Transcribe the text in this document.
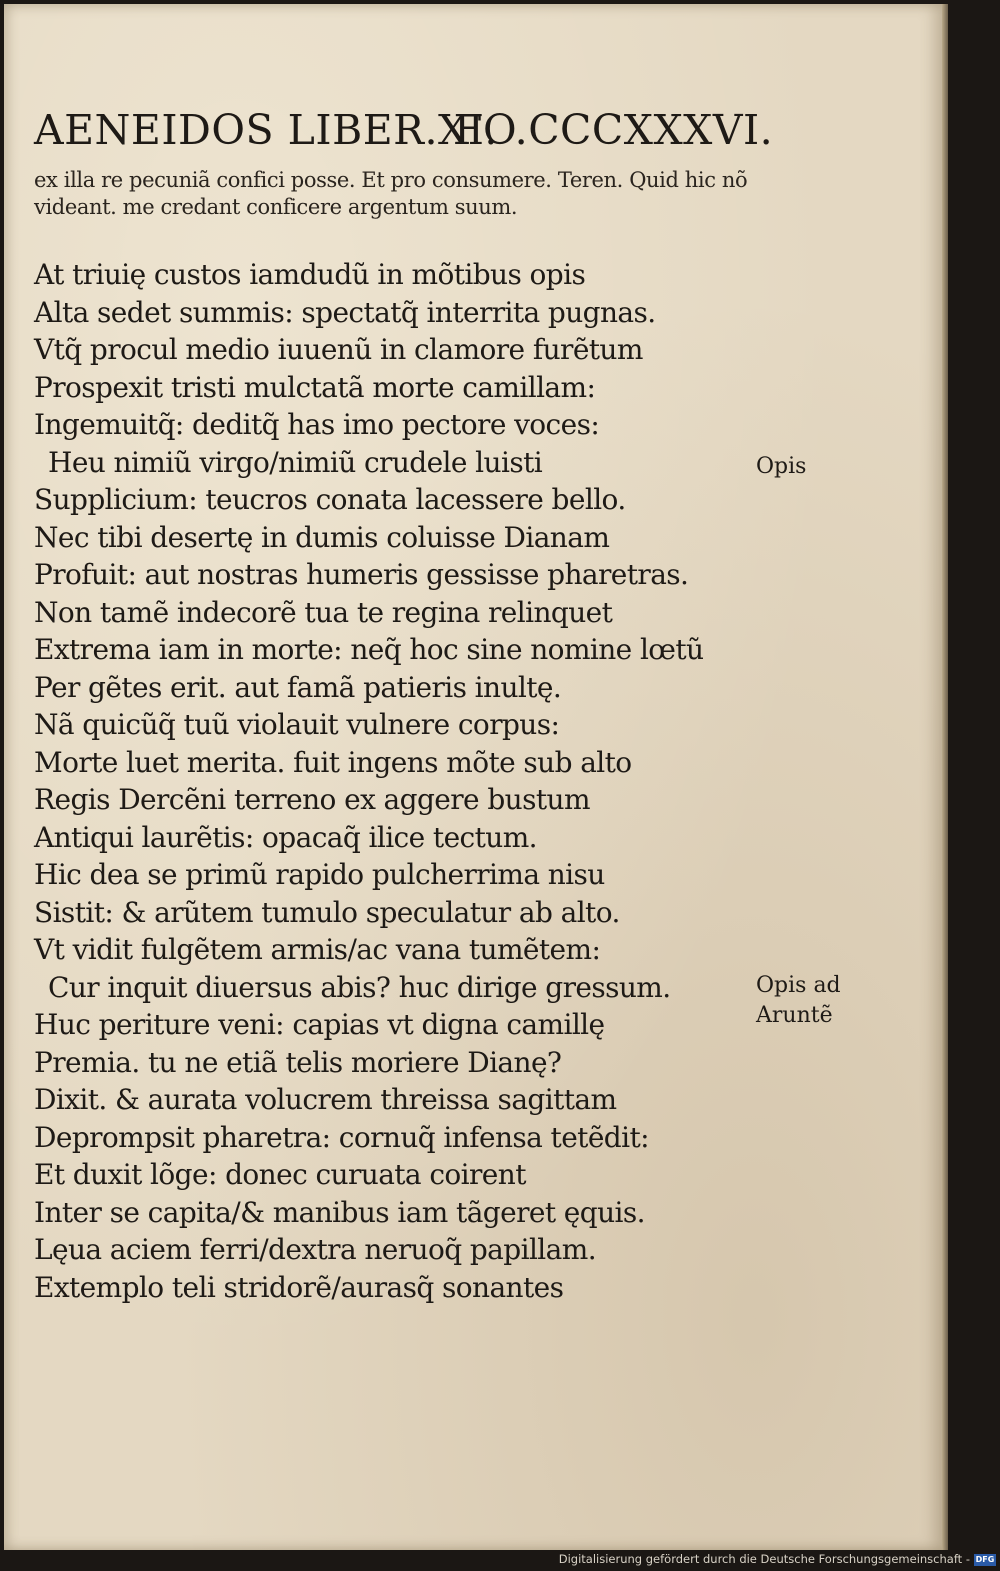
AENEIDOS LIBER.XI.FO.CCCXXXVI.
ex illa re pecuniã confici posse. Et pro consumere. Teren. Quid hic nõ
videant. me credant conficere argentum suum.
At triuię custos iamdudũ in mõtibus opis
Alta sedet summis: spectatq̃ interrita pugnas.
Vtq̃ procul medio iuuenũ in clamore furẽtum
Prospexit tristi mulctatã morte camillam:
Ingemuitq̃: deditq̃ has imo pectore voces:
Heu nimiũ virgo/nimiũ crudele luisti
Supplicium: teucros conata lacessere bello.
Nec tibi desertę in dumis coluisse Dianam
Profuit: aut nostras humeris gessisse pharetras.
Non tamẽ indecorẽ tua te regina relinquet
Extrema iam in morte: neq̃ hoc sine nomine lœtũ
Per gẽtes erit. aut famã patieris inultę.
Nã quicũq̃ tuũ violauit vulnere corpus:
Morte luet merita. fuit ingens mõte sub alto
Regis Dercẽni terreno ex aggere bustum
Antiqui laurẽtis: opacaq̃ ilice tectum.
Hic dea se primũ rapido pulcherrima nisu
Sistit: & arũtem tumulo speculatur ab alto.
Vt vidit fulgẽtem armis/ac vana tumẽtem:
Cur inquit diuersus abis? huc dirige gressum.
Huc periture veni: capias vt digna camillę
Premia. tu ne etiã telis moriere Dianę?
Dixit. & aurata volucrem threissa sagittam
Deprompsit pharetra: cornuq̃ infensa tetẽdit:
Et duxit lõge: donec curuata coirent
Inter se capita/& manibus iam tãgeret ęquis.
Lęua aciem ferri/dextra neruoq̃ papillam.
Extemplo teli stridorẽ/aurasq̃ sonantes
Opis
Opis ad
Aruntẽ
Digitalisierung gefördert durch die Deutsche Forschungsgemeinschaft - DFG
